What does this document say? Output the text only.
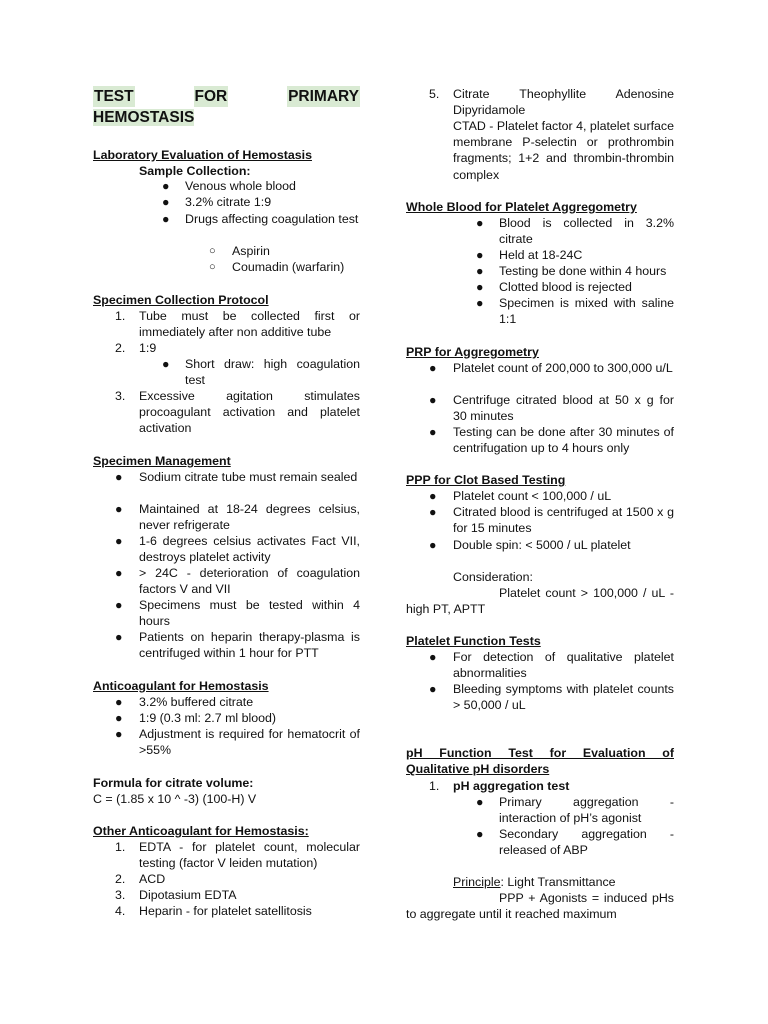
TEST	FOR	PRIMARY
HEMOSTASIS
Laboratory Evaluation of Hemostasis
Sample Collection:
● Venous whole blood
● 3.2% citrate 1:9
● Drugs affecting coagulation test
○ Aspirin
○ Coumadin (warfarin)
Specimen Collection Protocol
1. Tube must be collected first or immediately after non additive tube
2. 1:9
● Short draw: high coagulation test
3. Excessive agitation stimulates procoagulant activation and platelet activation
Specimen Management
● Sodium citrate tube must remain sealed
● Maintained at 18-24 degrees celsius, never refrigerate
● 1-6 degrees celsius activates Fact VII, destroys platelet activity
● > 24C - deterioration of coagulation factors V and VII
● Specimens must be tested within 4 hours
● Patients on heparin therapy-plasma is centrifuged within 1 hour for PTT
Anticoagulant for Hemostasis
● 3.2% buffered citrate
● 1:9 (0.3 ml: 2.7 ml blood)
● Adjustment is required for hematocrit of >55%
Formula for citrate volume:
C = (1.85 x 10 ^ -3) (100-H) V
Other Anticoagulant for Hemostasis:
1. EDTA - for platelet count, molecular testing (factor V leiden mutation)
2. ACD
3. Dipotasium EDTA
4. Heparin - for platelet satellitosis
5. Citrate Theophyllite Adenosine Dipyridamole
CTAD - Platelet factor 4, platelet surface membrane P-selectin or prothrombin fragments; 1+2 and thrombin-thrombin complex
Whole Blood for Platelet Aggregometry
● Blood is collected in 3.2% citrate
● Held at 18-24C
● Testing be done within 4 hours
● Clotted blood is rejected
● Specimen is mixed with saline 1:1
PRP for Aggregometry
● Platelet count of 200,000 to 300,000 u/L
● Centrifuge citrated blood at 50 x g for 30 minutes
● Testing can be done after 30 minutes of centrifugation up to 4 hours only
PPP for Clot Based Testing
● Platelet count < 100,000 / uL
● Citrated blood is centrifuged at 1500 x g for 15 minutes
● Double spin: < 5000 / uL platelet
Consideration:
Platelet count > 100,000 / uL - high PT, APTT
Platelet Function Tests
● For detection of qualitative platelet abnormalities
● Bleeding symptoms with platelet counts > 50,000 / uL
pH Function Test for Evaluation of Qualitative pH disorders
1. pH aggregation test
● Primary aggregation - interaction of pH’s agonist
● Secondary aggregation - released of ABP
Principle: Light Transmittance
PPP + Agonists = induced pHs to aggregate until it reached maximum
